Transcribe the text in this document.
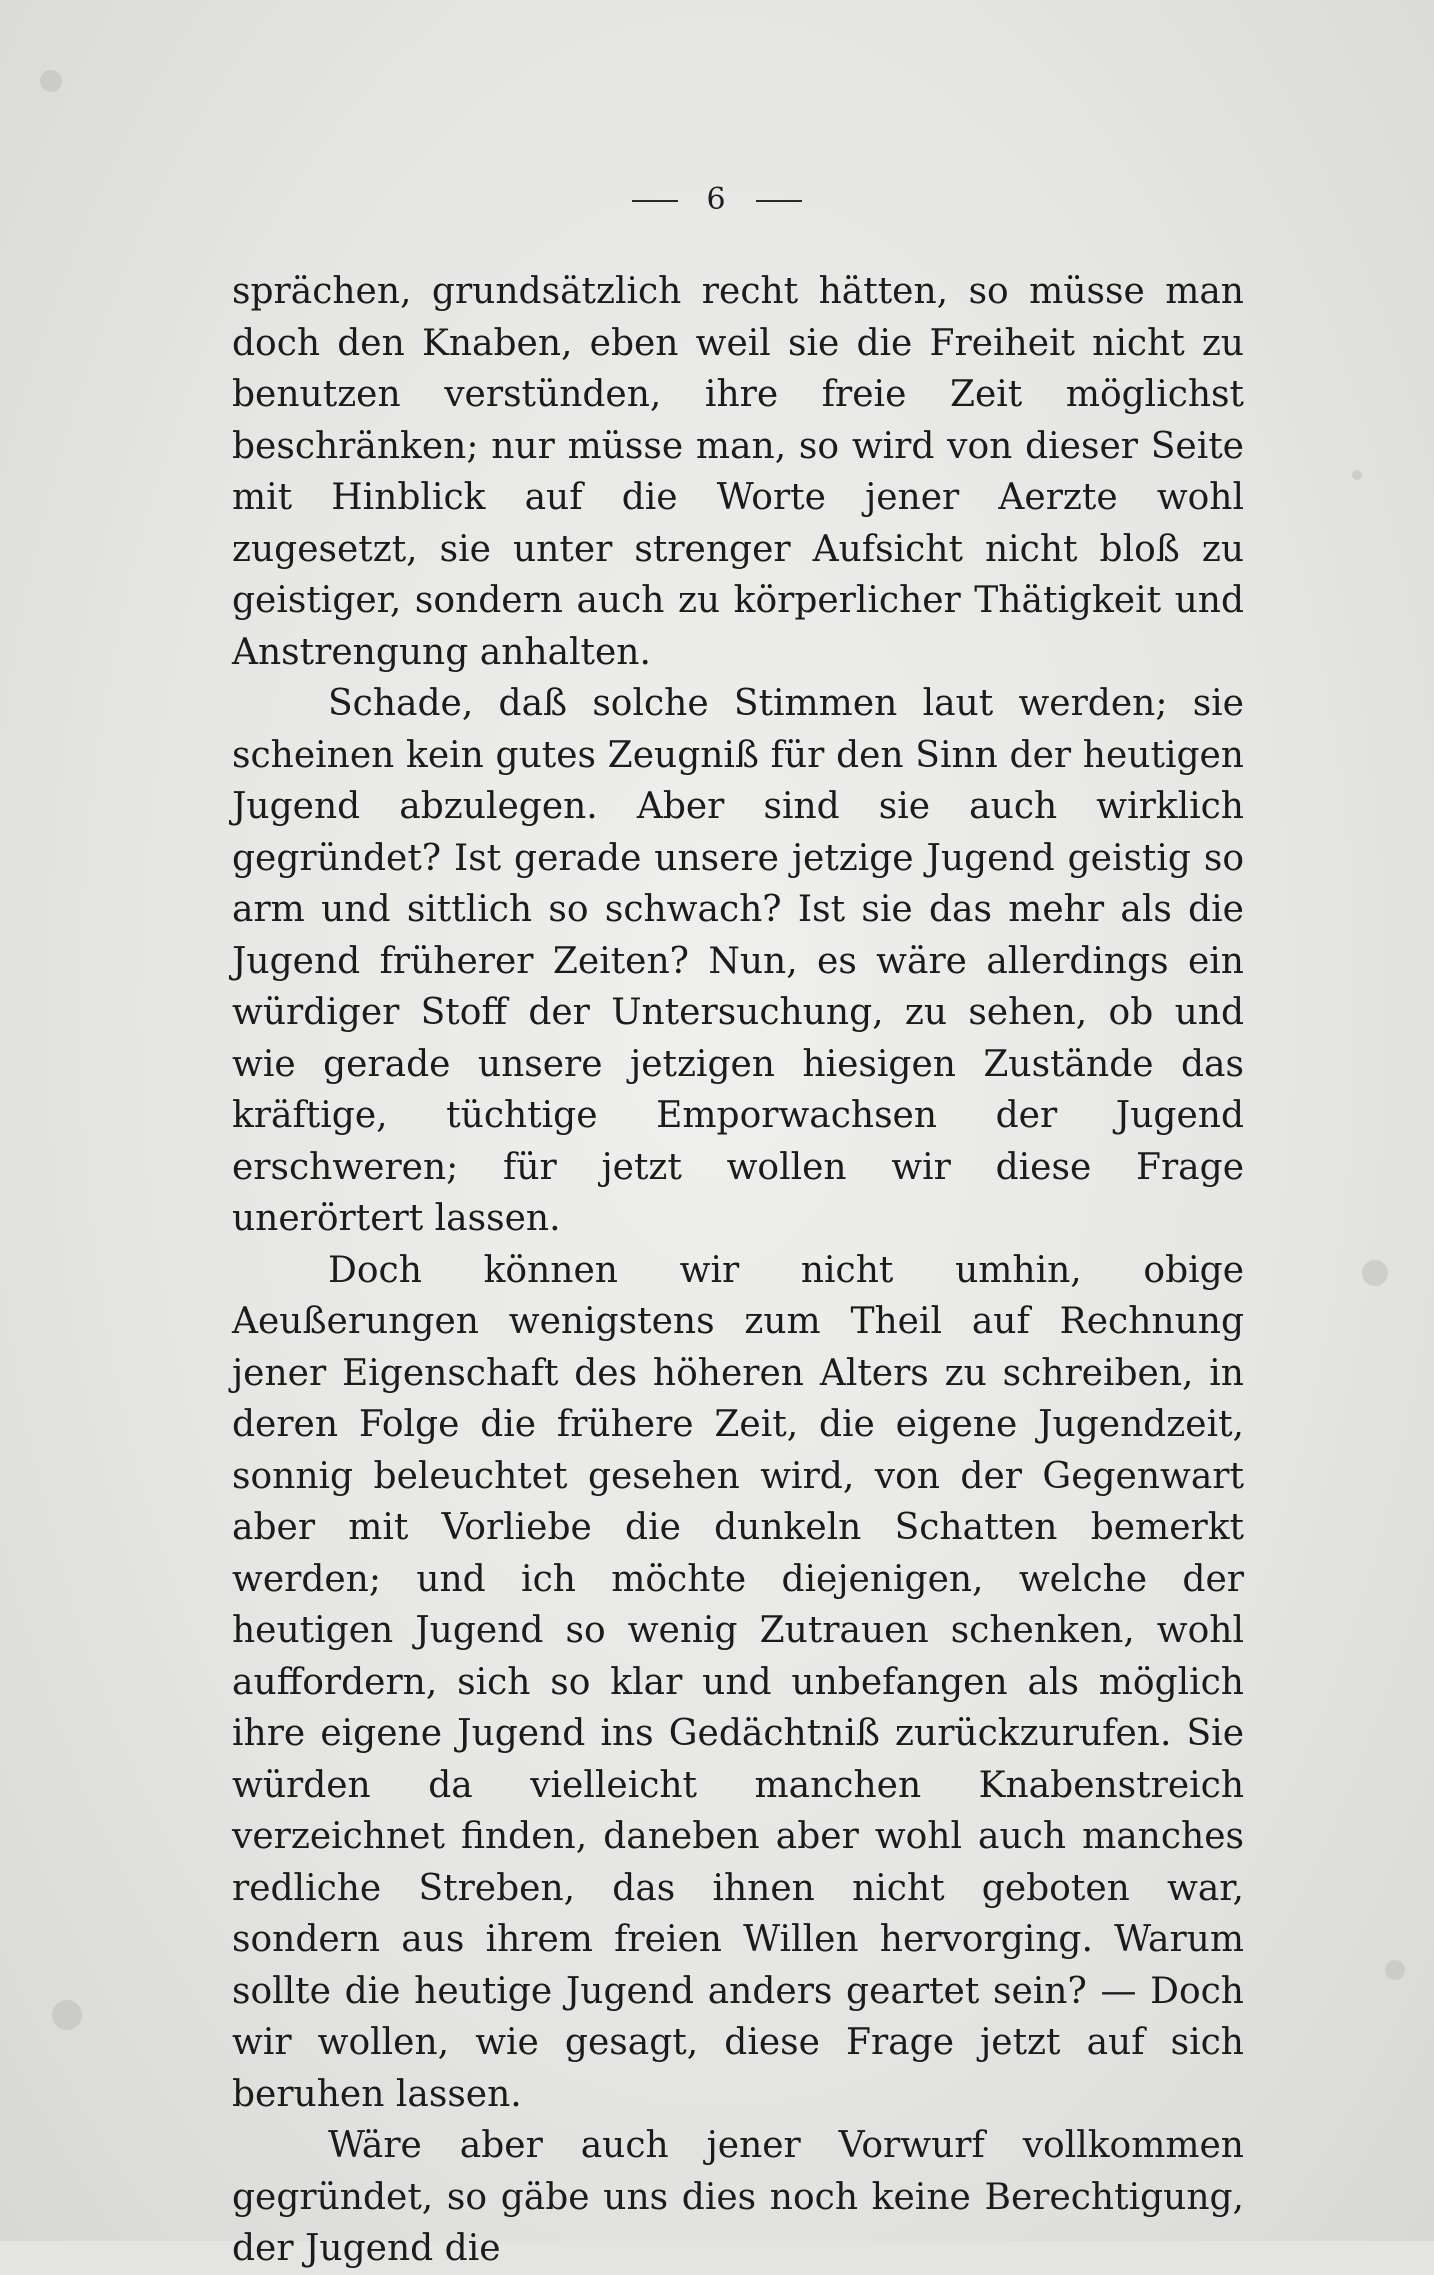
6

sprächen, grundsätzlich recht hätten, so müsse man doch den Knaben, eben weil sie die Freiheit nicht zu benutzen verstünden, ihre freie Zeit möglichst beschränken; nur müsse man, so wird von dieser Seite mit Hinblick auf die Worte jener Aerzte wohl zugesetzt, sie unter strenger Aufsicht nicht bloß zu geistiger, sondern auch zu körperlicher Thätigkeit und Anstrengung anhalten.

Schade, daß solche Stimmen laut werden; sie scheinen kein gutes Zeugniß für den Sinn der heutigen Jugend abzulegen. Aber sind sie auch wirklich gegründet? Ist gerade unsere jetzige Jugend geistig so arm und sittlich so schwach? Ist sie das mehr als die Jugend früherer Zeiten? Nun, es wäre allerdings ein würdiger Stoff der Untersuchung, zu sehen, ob und wie gerade unsere jetzigen hiesigen Zustände das kräftige, tüchtige Emporwachsen der Jugend erschweren; für jetzt wollen wir diese Frage unerörtert lassen.

Doch können wir nicht umhin, obige Aeußerungen wenigstens zum Theil auf Rechnung jener Eigenschaft des höheren Alters zu schreiben, in deren Folge die frühere Zeit, die eigene Jugendzeit, sonnig beleuchtet gesehen wird, von der Gegenwart aber mit Vorliebe die dunkeln Schatten bemerkt werden; und ich möchte diejenigen, welche der heutigen Jugend so wenig Zutrauen schenken, wohl auffordern, sich so klar und unbefangen als möglich ihre eigene Jugend ins Gedächtniß zurückzurufen. Sie würden da vielleicht manchen Knabenstreich verzeichnet finden, daneben aber wohl auch manches redliche Streben, das ihnen nicht geboten war, sondern aus ihrem freien Willen hervorging. Warum sollte die heutige Jugend anders geartet sein? — Doch wir wollen, wie gesagt, diese Frage jetzt auf sich beruhen lassen.

Wäre aber auch jener Vorwurf vollkommen gegründet, so gäbe uns dies noch keine Berechtigung, der Jugend die
